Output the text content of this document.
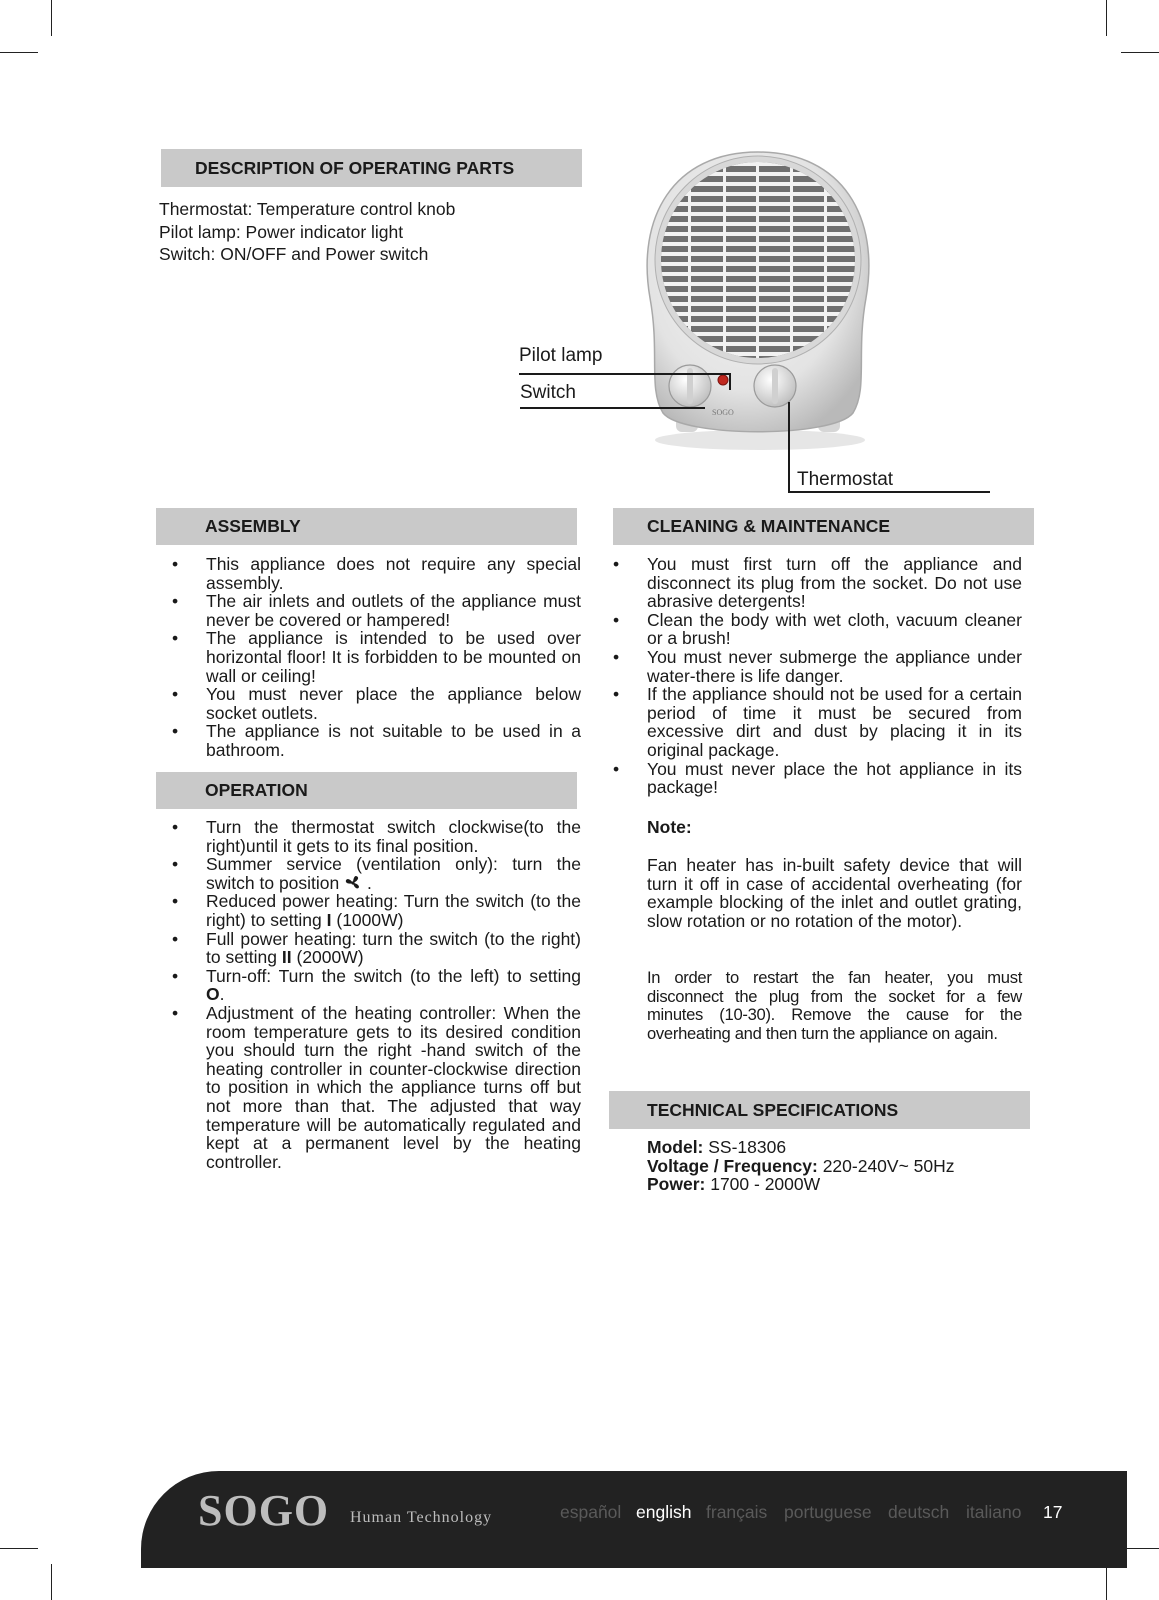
DESCRIPTION OF OPERATING PARTS
Thermostat: Temperature control knob
Pilot lamp: Power indicator light
Switch: ON/OFF and Power switch
SOGO
Pilot lamp
Switch
Thermostat
ASSEMBLY
• This appliance does not require any special assembly.
• The air inlets and outlets of the appliance must never be covered or hampered!
• The appliance is intended to be used over horizontal floor! It is forbidden to be mounted on wall or ceiling!
• You must never place the appliance below socket outlets.
• The appliance is not suitable to be used in a bathroom.
OPERATION
• Turn the thermostat switch clockwise(to the right)until it gets to its final position.
• Summer service (ventilation only): turn the switch to position  .
• Reduced power heating: Turn the switch (to the right) to setting I (1000W)
• Full power heating: turn the switch (to the right) to setting II (2000W)
• Turn-off: Turn the switch (to the left) to setting O.
• Adjustment of the heating controller: When the room temperature gets to its desired condition you should turn the right -hand switch of the heating controller in counter-clockwise direction to position in which the appliance turns off but not more than that. The adjusted that way temperature will be automatically regulated and kept at a permanent level by the heating controller.
CLEANING & MAINTENANCE
• You must first turn off the appliance and disconnect its plug from the socket. Do not use abrasive detergents!
• Clean the body with wet cloth, vacuum cleaner or a brush!
• You must never submerge the appliance under water-there is life danger.
• If the appliance should not be used for a certain period of time it must be secured from excessive dirt and dust by placing it in its original package.
• You must never place the hot appliance in its package!
Note:
Fan heater has in-built safety device that will turn it off in case of accidental overheating (for example blocking of the inlet and outlet grating, slow rotation or no rotation of the motor).
In order to restart the fan heater, you must disconnect the plug from the socket for a few minutes (10-30). Remove the cause for the overheating and then turn the appliance on again.
TECHNICAL SPECIFICATIONS
Model: SS-18306
Voltage / Frequency: 220-240V~ 50Hz
Power: 1700 - 2000W
SOGO Human Technology	español english français portuguese deutsch italiano 17
